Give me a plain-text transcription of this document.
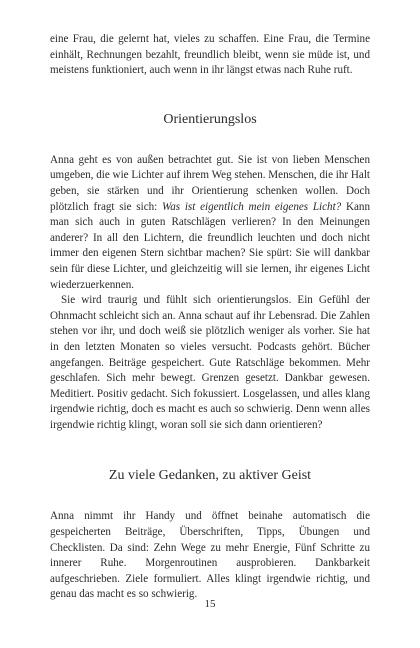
eine Frau, die gelernt hat, vieles zu schaffen. Eine Frau, die Termine einhält, Rechnungen bezahlt, freundlich bleibt, wenn sie müde ist, und meistens funktioniert, auch wenn in ihr längst etwas nach Ruhe ruft.

Orientierungslos

Anna geht es von außen betrachtet gut. Sie ist von lieben Menschen umgeben, die wie Lichter auf ihrem Weg stehen. Menschen, die ihr Halt geben, sie stärken und ihr Orientierung schenken wollen. Doch plötzlich fragt sie sich: Was ist eigentlich mein eigenes Licht? Kann man sich auch in guten Ratschlägen verlieren? In den Meinungen anderer? In all den Lichtern, die freundlich leuchten und doch nicht immer den eigenen Stern sichtbar machen? Sie spürt: Sie will dankbar sein für diese Lichter, und gleichzeitig will sie lernen, ihr eigenes Licht wiederzuerkennen.

Sie wird traurig und fühlt sich orientierungslos. Ein Gefühl der Ohnmacht schleicht sich an. Anna schaut auf ihr Lebensrad. Die Zahlen stehen vor ihr, und doch weiß sie plötzlich weniger als vorher. Sie hat in den letzten Monaten so vieles versucht. Podcasts gehört. Bücher angefangen. Beiträge gespeichert. Gute Ratschläge bekommen. Mehr geschlafen. Sich mehr bewegt. Grenzen gesetzt. Dankbar gewesen. Meditiert. Positiv gedacht. Sich fokussiert. Losgelassen, und alles klang irgendwie richtig, doch es macht es auch so schwierig. Denn wenn alles irgendwie richtig klingt, woran soll sie sich dann orientieren?

Zu viele Gedanken, zu aktiver Geist

Anna nimmt ihr Handy und öffnet beinahe automatisch die gespeicherten Beiträge, Überschriften, Tipps, Übungen und Checklisten. Da sind: Zehn Wege zu mehr Energie, Fünf Schritte zu innerer Ruhe. Morgenroutinen ausprobieren. Dankbarkeit aufgeschrieben. Ziele formuliert. Alles klingt irgendwie richtig, und genau das macht es so schwierig.

15
